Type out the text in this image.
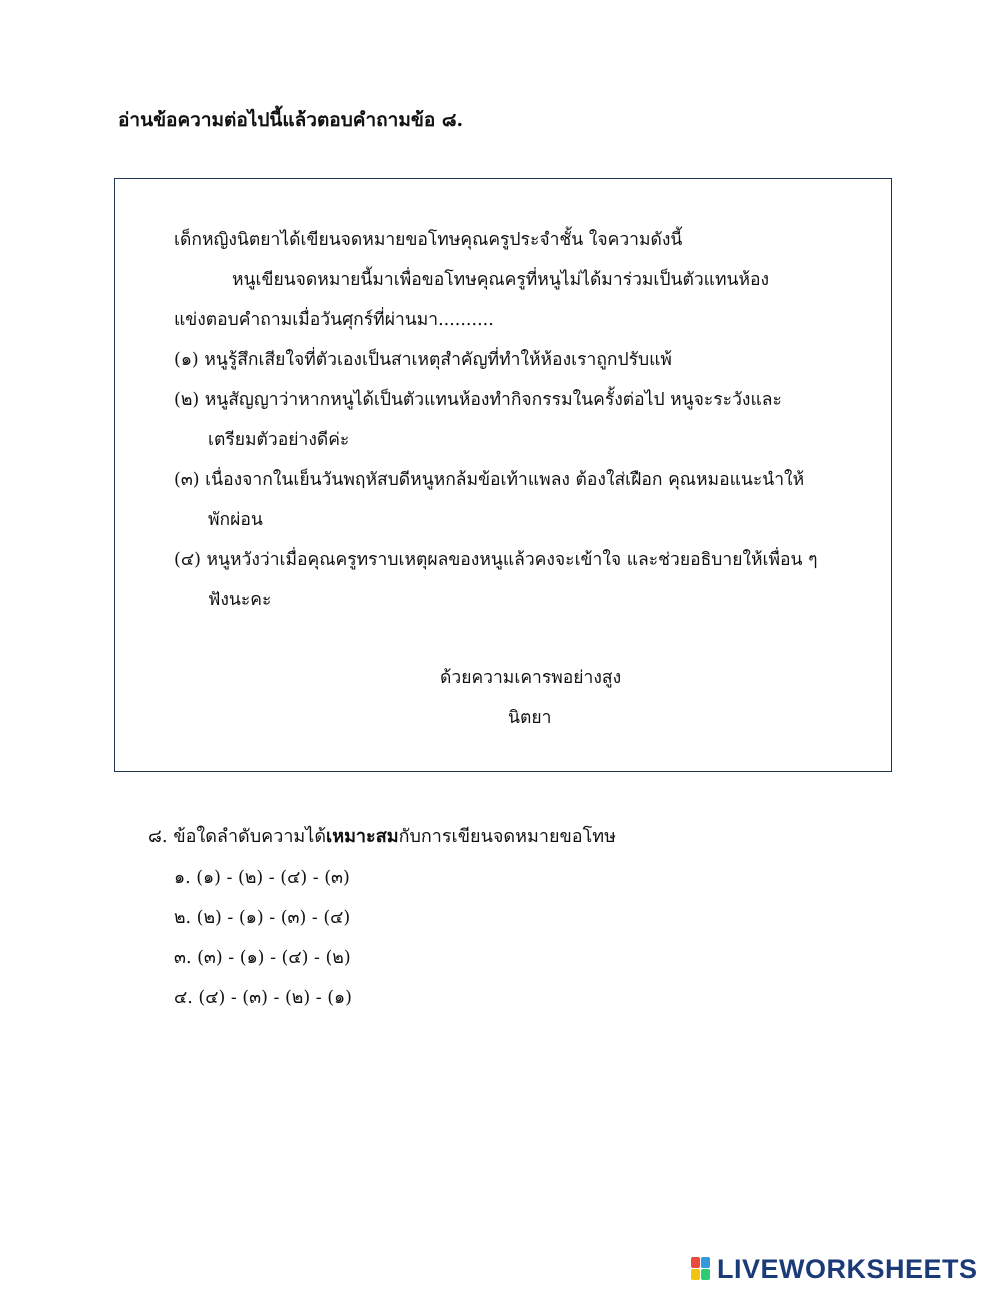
อ่านข้อความต่อไปนี้แล้วตอบคำถามข้อ ๘.
เด็กหญิงนิตยาได้เขียนจดหมายขอโทษคุณครูประจำชั้น ใจความดังนี้
หนูเขียนจดหมายนี้มาเพื่อขอโทษคุณครูที่หนูไม่ได้มาร่วมเป็นตัวแทนห้อง
แข่งตอบคำถามเมื่อวันศุกร์ที่ผ่านมา..........
(๑) หนูรู้สึกเสียใจที่ตัวเองเป็นสาเหตุสำคัญที่ทำให้ห้องเราถูกปรับแพ้
(๒) หนูสัญญาว่าหากหนูได้เป็นตัวแทนห้องทำกิจกรรมในครั้งต่อไป หนูจะระวังและ
เตรียมตัวอย่างดีค่ะ
(๓) เนื่องจากในเย็นวันพฤหัสบดีหนูหกล้มข้อเท้าแพลง ต้องใส่เฝือก คุณหมอแนะนำให้
พักผ่อน
(๔) หนูหวังว่าเมื่อคุณครูทราบเหตุผลของหนูแล้วคงจะเข้าใจ และช่วยอธิบายให้เพื่อน ๆ
ฟังนะคะ
ด้วยความเคารพอย่างสูง
นิตยา
๘. ข้อใดลำดับความได้เหมาะสมกับการเขียนจดหมายขอโทษ
๑. (๑) - (๒) - (๔) - (๓)
๒. (๒) - (๑) - (๓) - (๔)
๓. (๓) - (๑) - (๔) - (๒)
๔. (๔) - (๓) - (๒) - (๑)
LIVEWORKSHEETS
